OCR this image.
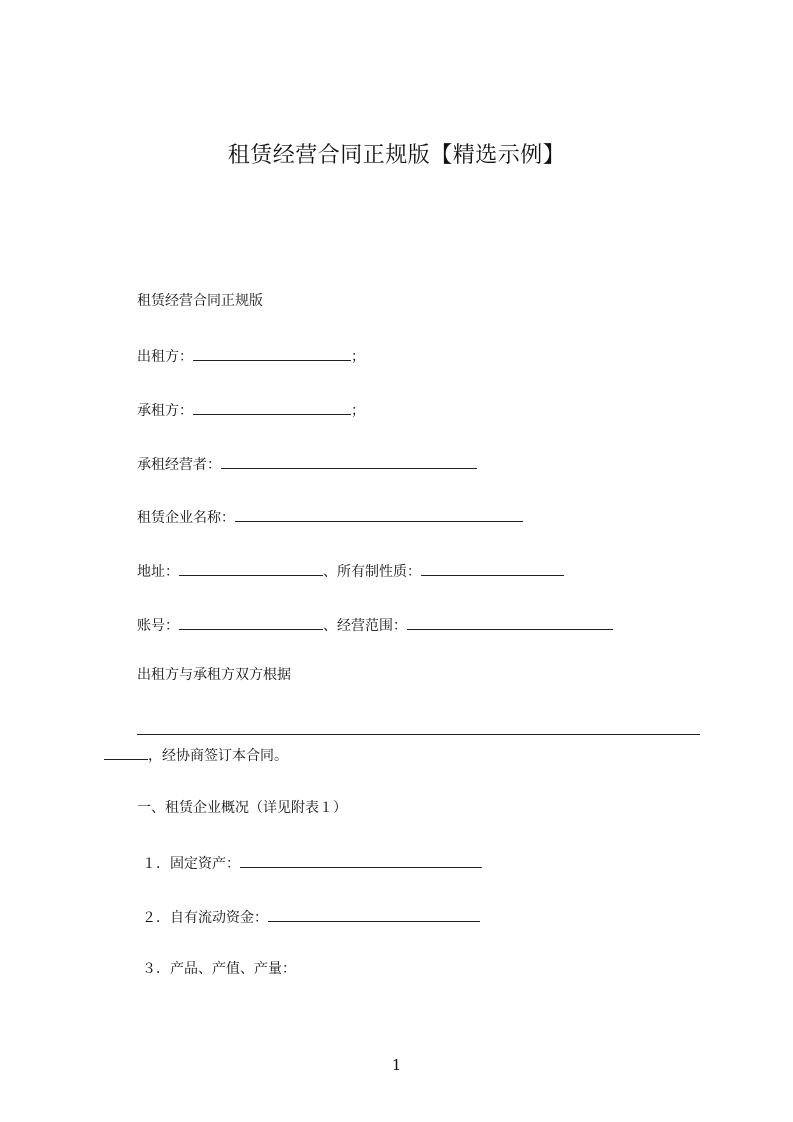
租赁经营合同正规版【精选示例】
租赁经营合同正规版
出租方：	；
承租方：	；
承租经营者：
租赁企业名称：
地址：	、所有制性质：
账号：	、经营范围：
出租方与承租方双方根据
，经协商签订本合同。
一、租赁企业概况（详见附表１）
１．固定资产：
２．自有流动资金：
３．产品、产值、产量：
1
